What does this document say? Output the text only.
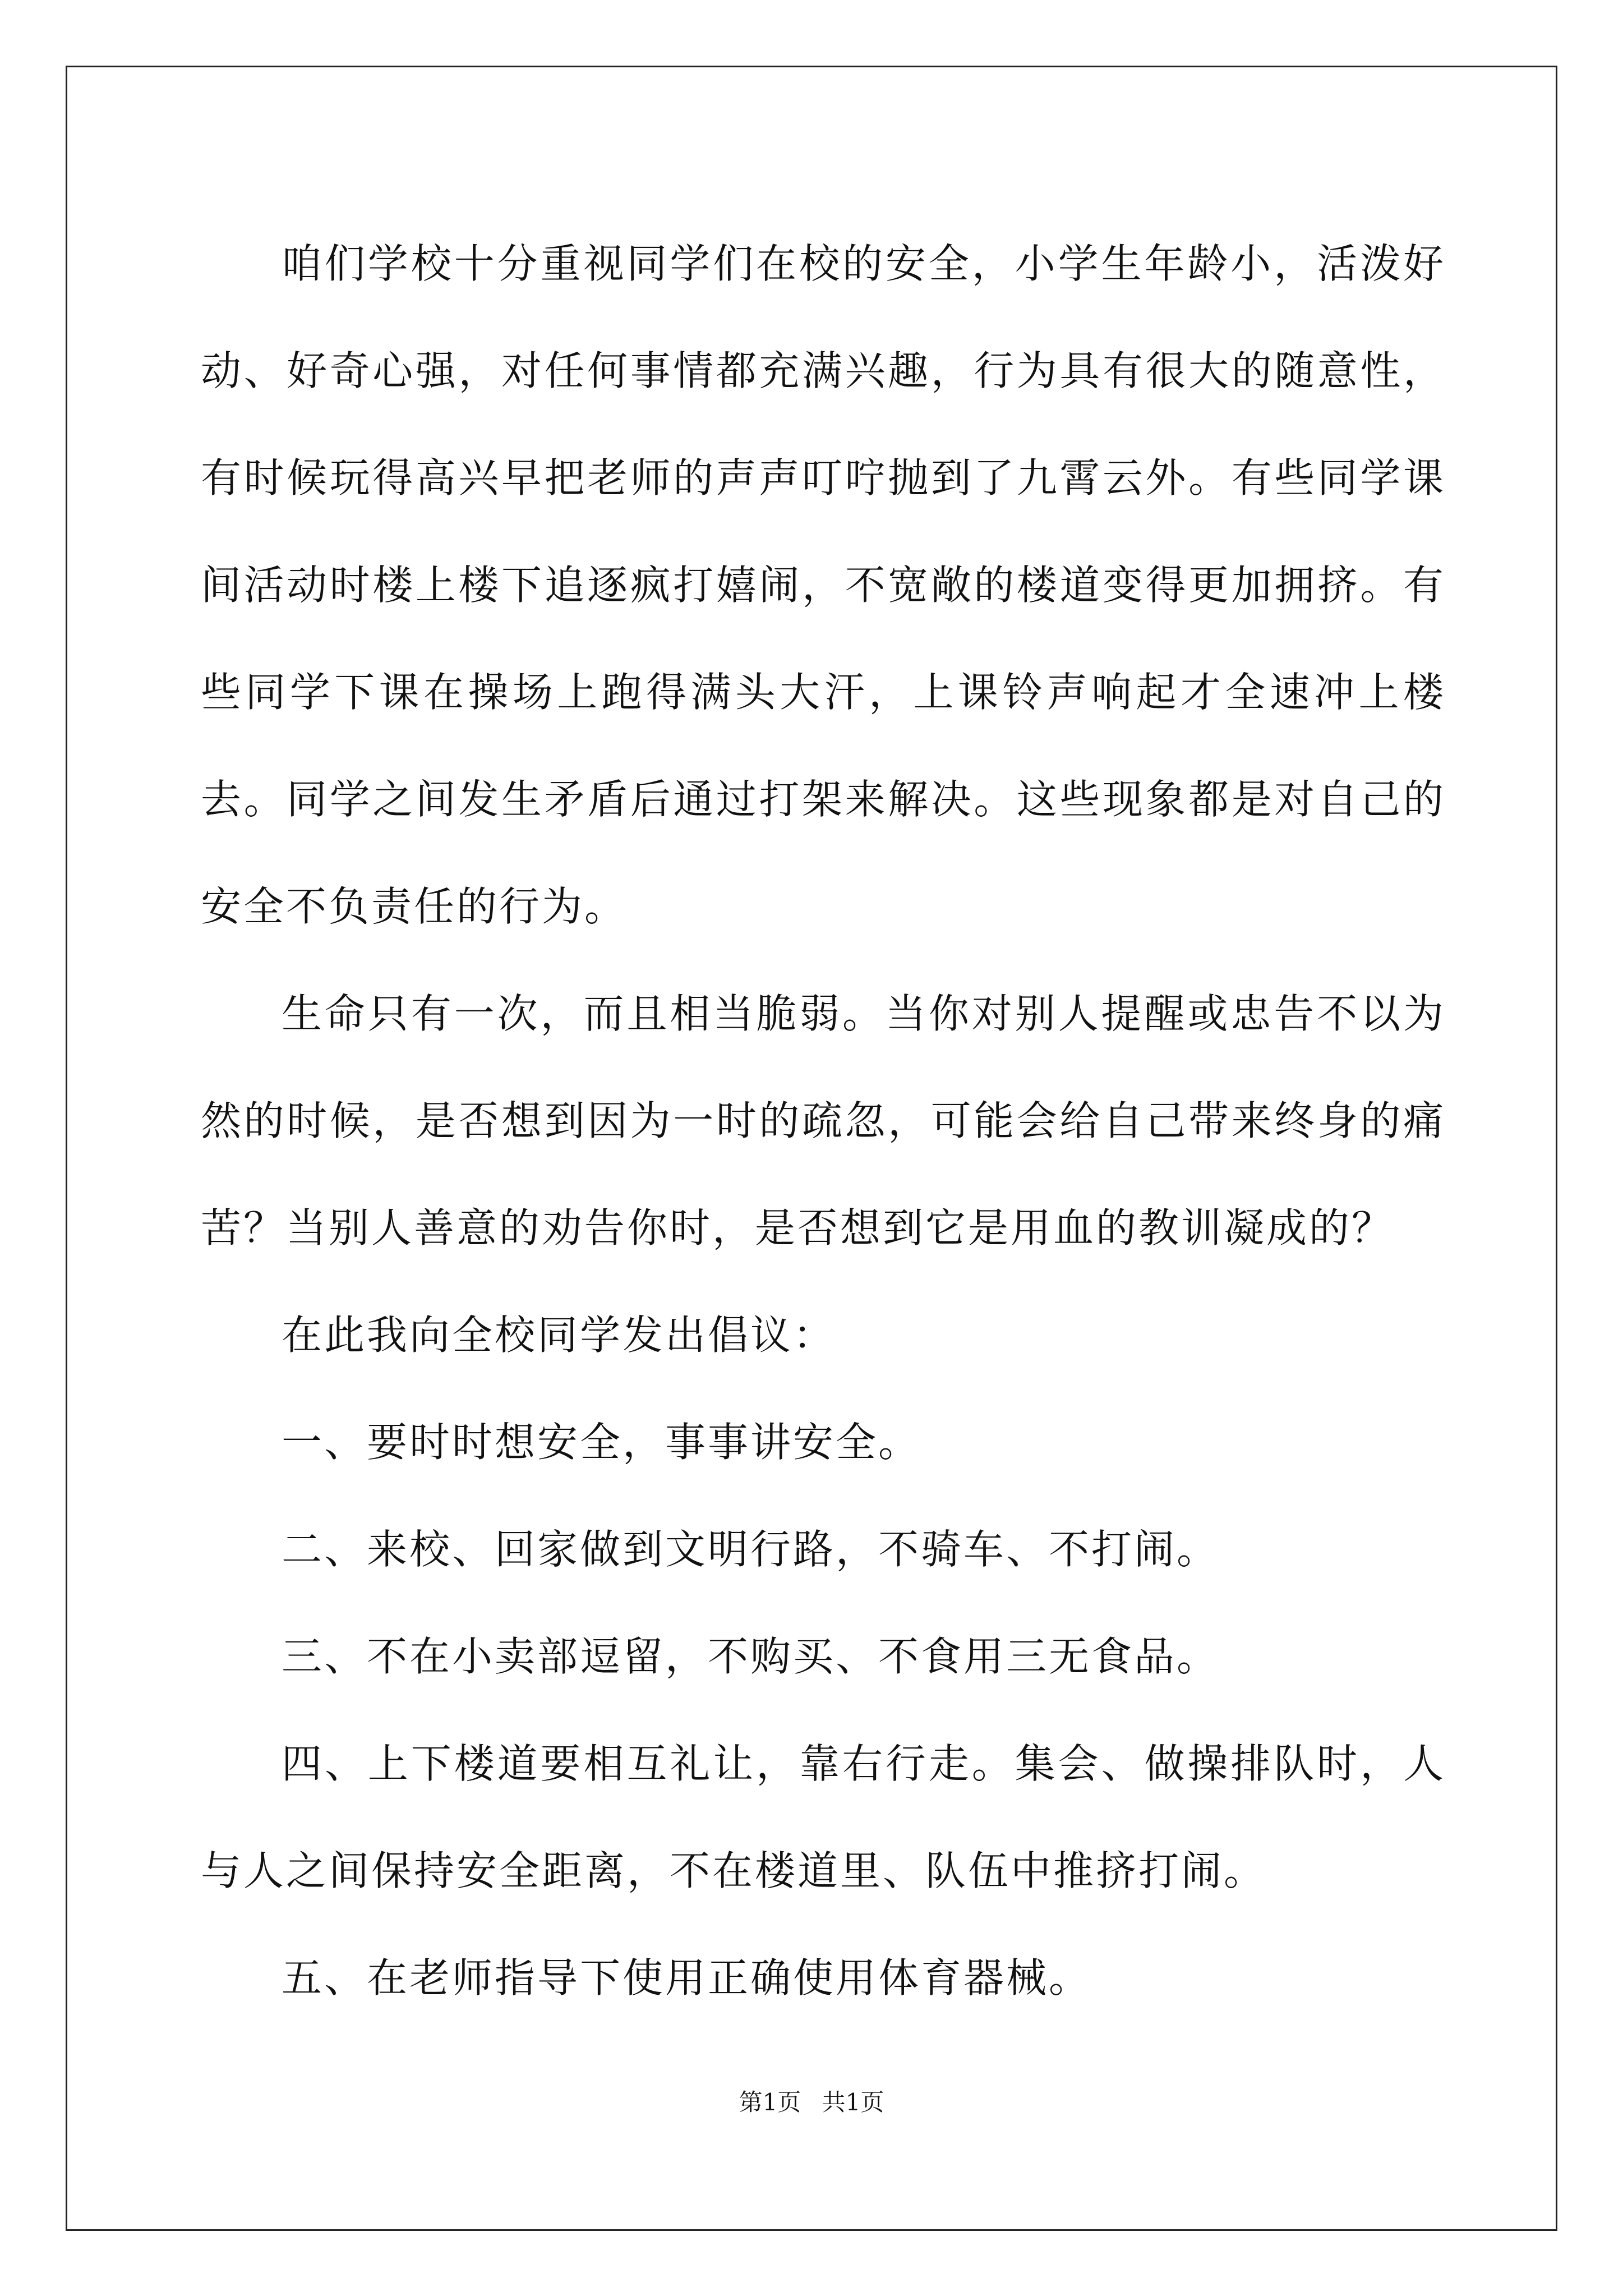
咱们学校十分重视同学们在校的安全，小学生年龄小，活泼好动、好奇心强，对任何事情都充满兴趣，行为具有很大的随意性，有时候玩得高兴早把老师的声声叮咛抛到了九霄云外。有些同学课间活动时楼上楼下追逐疯打嬉闹，不宽敞的楼道变得更加拥挤。有些同学下课在操场上跑得满头大汗，上课铃声响起才全速冲上楼去。同学之间发生矛盾后通过打架来解决。这些现象都是对自己的安全不负责任的行为。

生命只有一次，而且相当脆弱。当你对别人提醒或忠告不以为然的时候，是否想到因为一时的疏忽，可能会给自己带来终身的痛苦？当别人善意的劝告你时，是否想到它是用血的教训凝成的？

在此我向全校同学发出倡议：

一、要时时想安全，事事讲安全。

二、来校、回家做到文明行路，不骑车、不打闹。

三、不在小卖部逗留，不购买、不食用三无食品。

四、上下楼道要相互礼让，靠右行走。集会、做操排队时，人与人之间保持安全距离，不在楼道里、队伍中推挤打闹。

五、在老师指导下使用正确使用体育器械。

第1页 共1页
